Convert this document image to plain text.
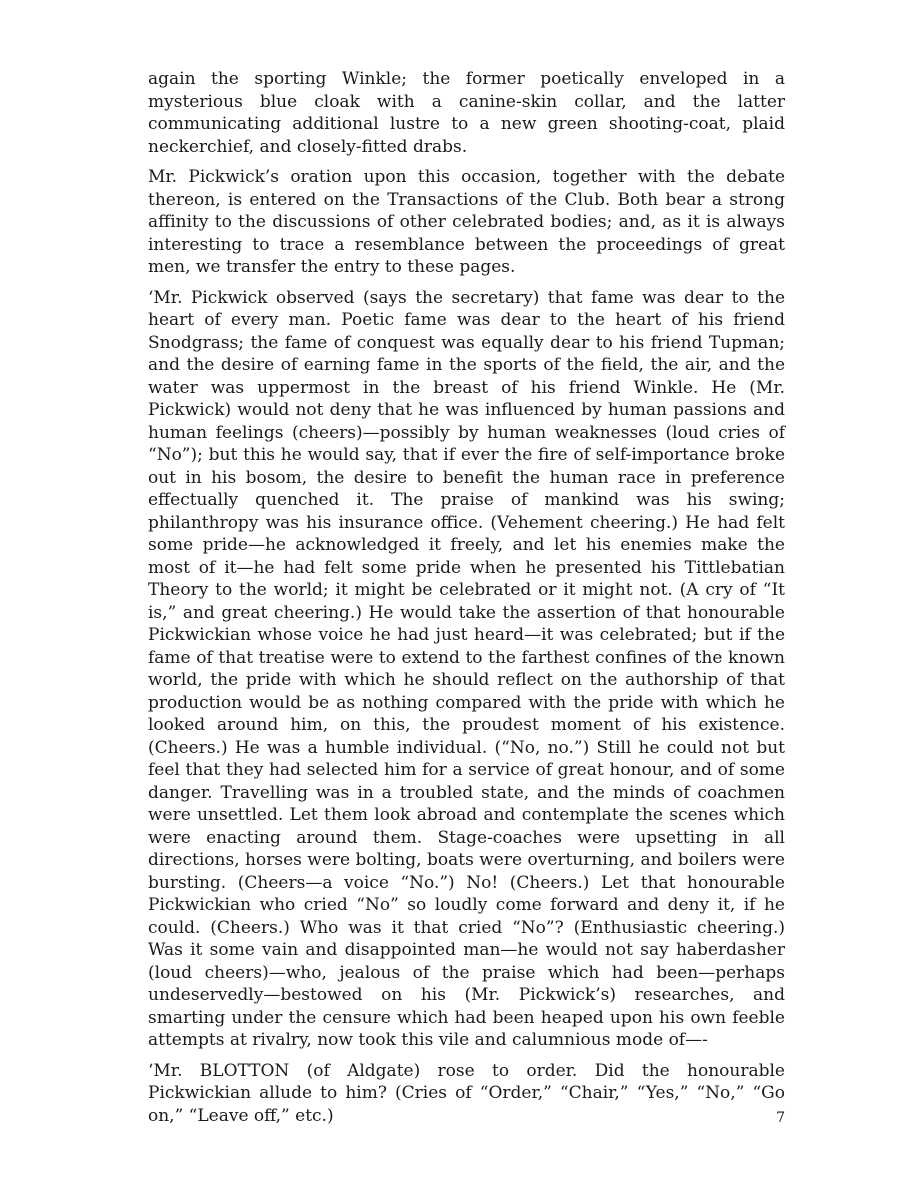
again the sporting Winkle; the former poetically enveloped in a mysterious blue cloak with a canine-skin collar, and the latter communicating additional lustre to a new green shooting-coat, plaid neckerchief, and closely-fitted drabs.

Mr. Pickwick’s oration upon this occasion, together with the debate thereon, is entered on the Transactions of the Club. Both bear a strong affinity to the discussions of other celebrated bodies; and, as it is always interesting to trace a resemblance between the proceedings of great men, we transfer the entry to these pages.

‘Mr. Pickwick observed (says the secretary) that fame was dear to the heart of every man. Poetic fame was dear to the heart of his friend Snodgrass; the fame of conquest was equally dear to his friend Tupman; and the desire of earning fame in the sports of the field, the air, and the water was uppermost in the breast of his friend Winkle. He (Mr. Pickwick) would not deny that he was influenced by human passions and human feelings (cheers)—possibly by human weaknesses (loud cries of “No”); but this he would say, that if ever the fire of self-importance broke out in his bosom, the desire to benefit the human race in preference effectually quenched it. The praise of mankind was his swing; philanthropy was his insurance office. (Vehement cheering.) He had felt some pride—he acknowledged it freely, and let his enemies make the most of it—he had felt some pride when he presented his Tittlebatian Theory to the world; it might be celebrated or it might not. (A cry of “It is,” and great cheering.) He would take the assertion of that honourable Pickwickian whose voice he had just heard—it was celebrated; but if the fame of that treatise were to extend to the farthest confines of the known world, the pride with which he should reflect on the authorship of that production would be as nothing compared with the pride with which he looked around him, on this, the proudest moment of his existence. (Cheers.) He was a humble individual. (“No, no.”) Still he could not but feel that they had selected him for a service of great honour, and of some danger. Travelling was in a troubled state, and the minds of coachmen were unsettled. Let them look abroad and contemplate the scenes which were enacting around them. Stage-coaches were upsetting in all directions, horses were bolting, boats were overturning, and boilers were bursting. (Cheers—a voice “No.”) No! (Cheers.) Let that honourable Pickwickian who cried “No” so loudly come forward and deny it, if he could. (Cheers.) Who was it that cried “No”? (Enthusiastic cheering.) Was it some vain and disappointed man—he would not say haberdasher (loud cheers)—who, jealous of the praise which had been—perhaps undeservedly—bestowed on his (Mr. Pickwick’s) researches, and smarting under the censure which had been heaped upon his own feeble attempts at rivalry, now took this vile and calumnious mode of—-

‘Mr. BLOTTON (of Aldgate) rose to order. Did the honourable Pickwickian allude to him? (Cries of “Order,” “Chair,” “Yes,” “No,” “Go on,” “Leave off,” etc.)	7
